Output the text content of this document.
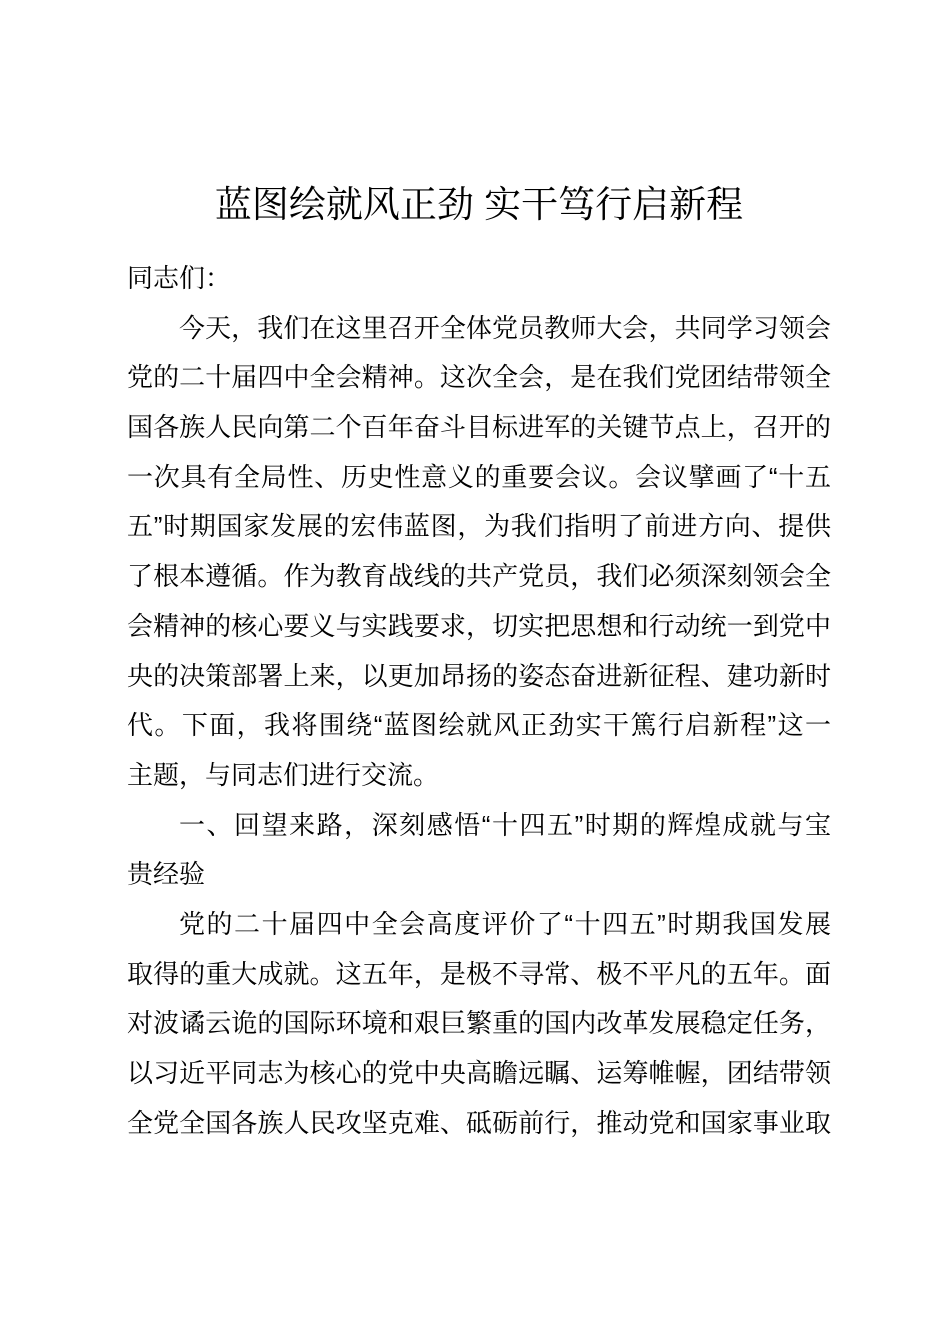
蓝图绘就风正劲 实干笃行启新程
同志们：
今天，我们在这里召开全体党员教师大会，共同学习领会
党的二十届四中全会精神。这次全会，是在我们党团结带领全
国各族人民向第二个百年奋斗目标进军的关键节点上，召开的
一次具有全局性、历史性意义的重要会议。会议擘画了“十五
五”时期国家发展的宏伟蓝图，为我们指明了前进方向、提供
了根本遵循。作为教育战线的共产党员，我们必须深刻领会全
会精神的核心要义与实践要求，切实把思想和行动统一到党中
央的决策部署上来，以更加昂扬的姿态奋进新征程、建功新时
代。下面，我将围绕“蓝图绘就风正劲实干篤行启新程”这一
主题，与同志们进行交流。
一、回望来路，深刻感悟“十四五”时期的辉煌成就与宝
贵经验
党的二十届四中全会高度评价了“十四五”时期我国发展
取得的重大成就。这五年，是极不寻常、极不平凡的五年。面
对波谲云诡的国际环境和艰巨繁重的国内改革发展稳定任务，
以习近平同志为核心的党中央高瞻远瞩、运筹帷幄，团结带领
全党全国各族人民攻坚克难、砥砺前行，推动党和国家事业取
